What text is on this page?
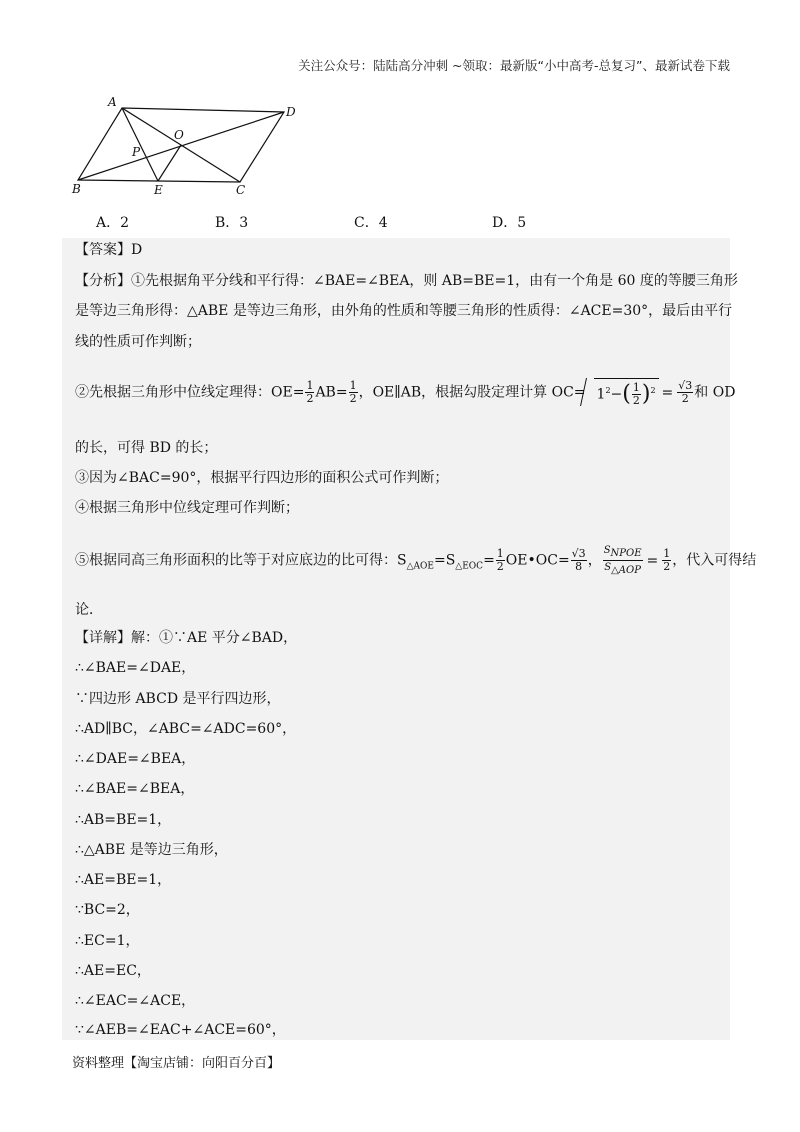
关注公众号：陆陆高分冲刺 ~领取：最新版“小中高考-总复习”、最新试卷下载
A
D
O
P
B	E	C
A．2	B．3	C．4	D．5
【答案】D
【分析】①先根据角平分线和平行得：∠BAE=∠BEA，则 AB=BE=1，由有一个角是 60 度的等腰三角形
是等边三角形得：△ABE 是等边三角形，由外角的性质和等腰三角形的性质得：∠ACE=30°，最后由平行
线的性质可作判断；
②先根据三角形中位线定理得：$OE= \frac{1}{2} AB= \frac{1}{2}$ ，OE∥AB，根据勾股定理计算 $OC= 1^2-( \frac{1}{2} )^2 = \frac{√3}{2}$ 和 OD
的长，可得 BD 的长；
③因为∠BAC=90°，根据平行四边形的面积公式可作判断；
④根据三角形中位线定理可作判断；
⑤根据同高三角形面积的比等于对应底边的比可得：$S_{\triangle AOE}=S_{\triangle EOC}= \frac{1}{2}$ OE•OC= $\frac{√3}{8}$ ， $\frac{S_{NPOE}}{S_{\triangle AOP}} = \frac{1}{2}$ ，代入可得结
论．
【详解】解：①∵AE 平分∠BAD，
∴∠BAE=∠DAE，
∵四边形 ABCD 是平行四边形，
∴AD∥BC，∠ABC=∠ADC=60°，
∴∠DAE=∠BEA，
∴∠BAE=∠BEA，
∴AB=BE=1，
∴△ABE 是等边三角形，
∴AE=BE=1，
∵BC=2，
∴EC=1，
∴AE=EC，
∴∠EAC=∠ACE，
∵∠AEB=∠EAC+∠ACE=60°，
资料整理【淘宝店铺：向阳百分百】
